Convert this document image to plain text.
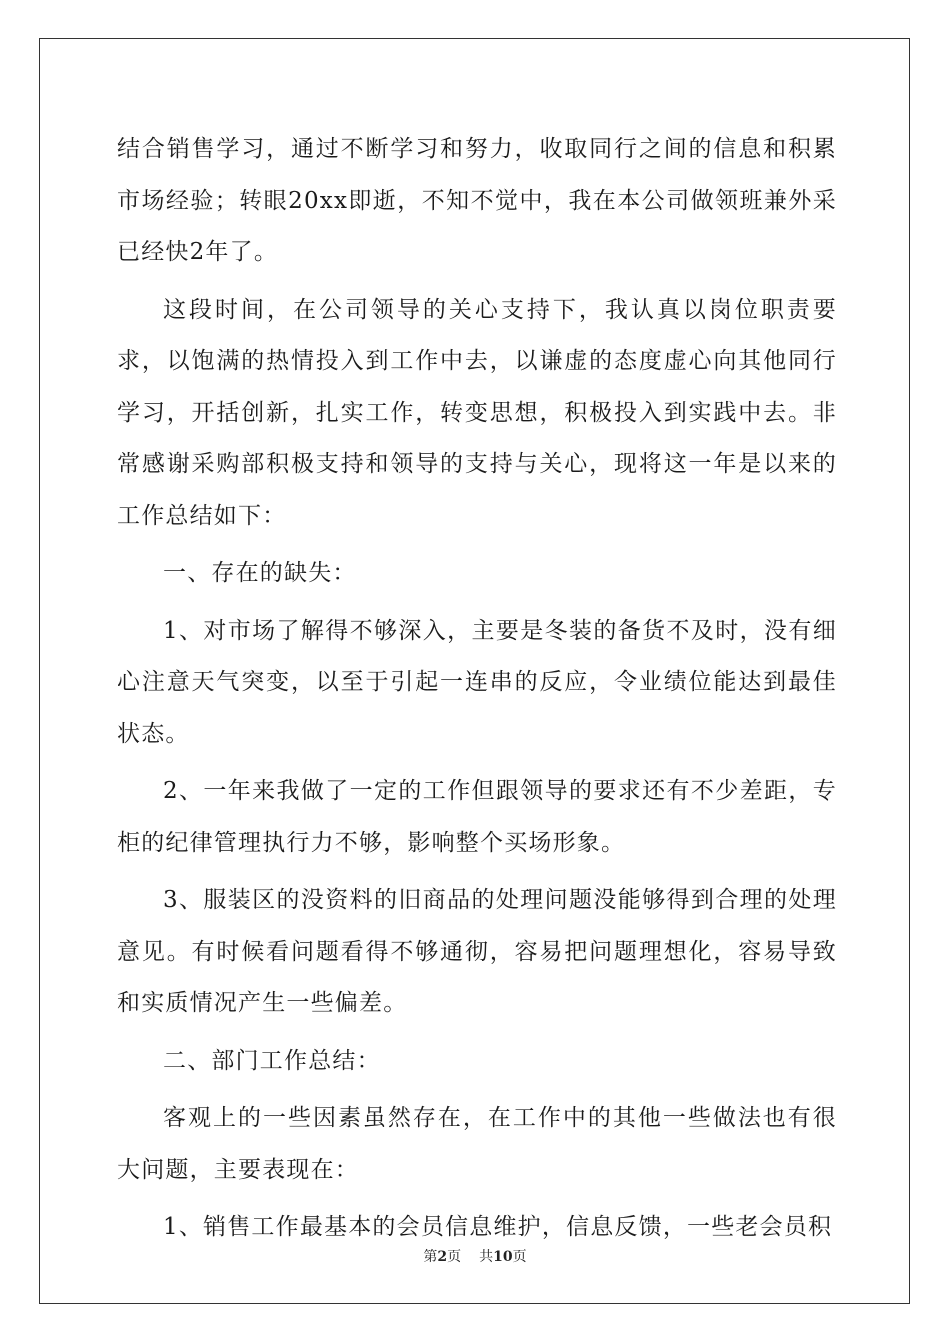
结合销售学习，通过不断学习和努力，收取同行之间的信息和积累市场经验；转眼20xx即逝，不知不觉中，我在本公司做领班兼外采已经快2年了。

这段时间，在公司领导的关心支持下，我认真以岗位职责要求，以饱满的热情投入到工作中去，以谦虚的态度虚心向其他同行学习，开括创新，扎实工作，转变思想，积极投入到实践中去。非常感谢采购部积极支持和领导的支持与关心，现将这一年是以来的工作总结如下：

一、存在的缺失：

1、对市场了解得不够深入，主要是冬装的备货不及时，没有细心注意天气突变，以至于引起一连串的反应，令业绩位能达到最佳状态。

2、一年来我做了一定的工作但跟领导的要求还有不少差距，专柜的纪律管理执行力不够，影响整个买场形象。

3、服装区的没资料的旧商品的处理问题没能够得到合理的处理意见。有时候看问题看得不够通彻，容易把问题理想化，容易导致和实质情况产生一些偏差。

二、部门工作总结：

客观上的一些因素虽然存在，在工作中的其他一些做法也有很大问题，主要表现在：

1、销售工作最基本的会员信息维护，信息反馈，一些老会员积

第2页 共10页
